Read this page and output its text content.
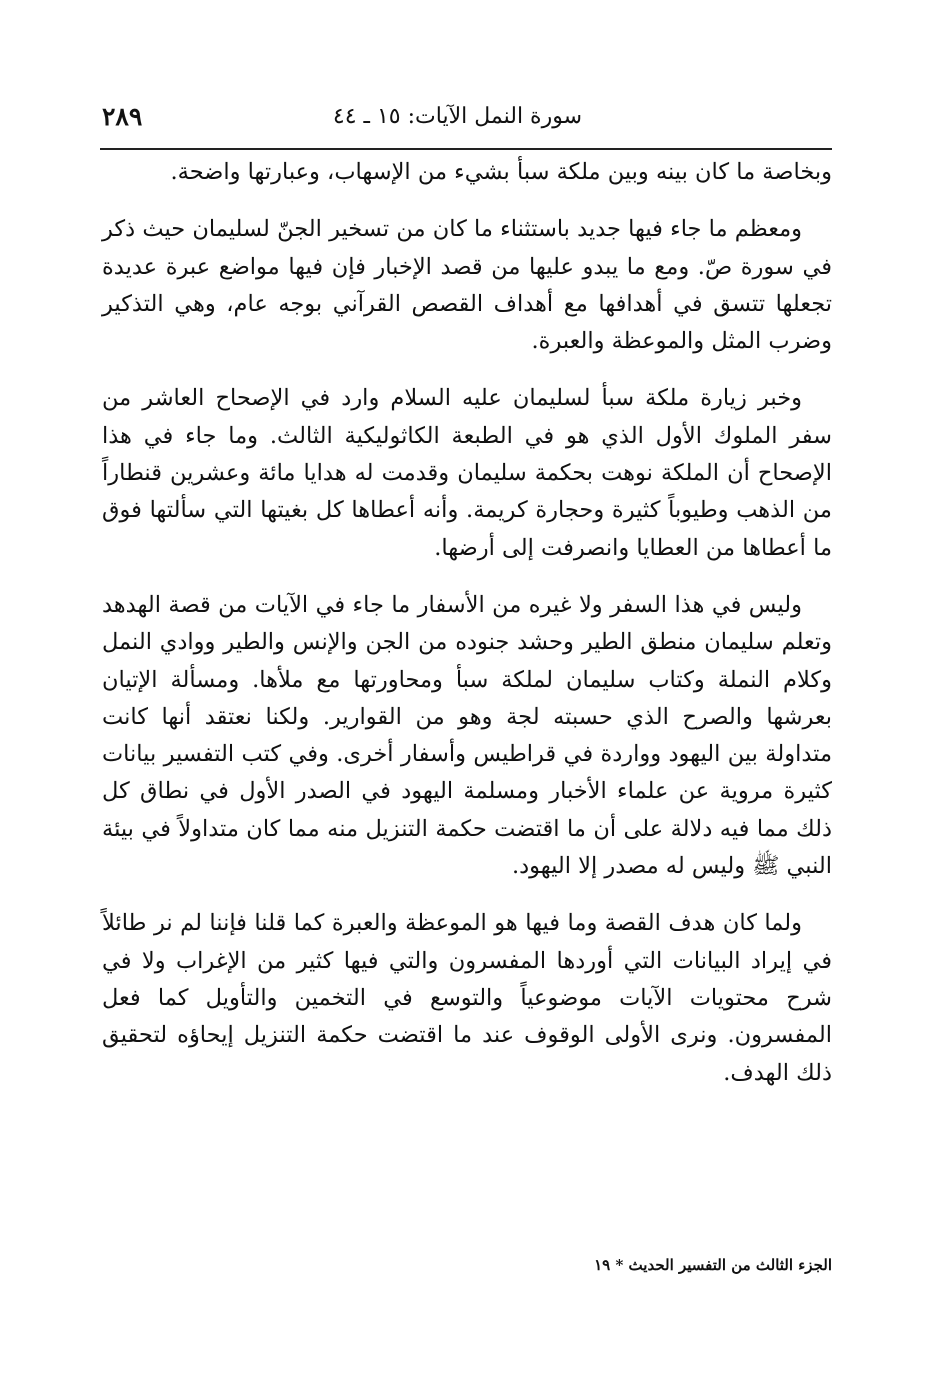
سورة النمل الآيات: ١٥ ـ ٤٤
٢٨٩

وبخاصة ما كان بينه وبين ملكة سبأ بشيء من الإسهاب، وعبارتها واضحة.

ومعظم ما جاء فيها جديد باستثناء ما كان من تسخير الجنّ لسليمان حيث ذكر في سورة صّ. ومع ما يبدو عليها من قصد الإخبار فإن فيها مواضع عبرة عديدة تجعلها تتسق في أهدافها مع أهداف القصص القرآني بوجه عام، وهي التذكير وضرب المثل والموعظة والعبرة.

وخبر زيارة ملكة سبأ لسليمان عليه السلام وارد في الإصحاح العاشر من سفر الملوك الأول الذي هو في الطبعة الكاثوليكية الثالث. وما جاء في هذا الإصحاح أن الملكة نوهت بحكمة سليمان وقدمت له هدايا مائة وعشرين قنطاراً من الذهب وطيوباً كثيرة وحجارة كريمة. وأنه أعطاها كل بغيتها التي سألتها فوق ما أعطاها من العطايا وانصرفت إلى أرضها.

وليس في هذا السفر ولا غيره من الأسفار ما جاء في الآيات من قصة الهدهد وتعلم سليمان منطق الطير وحشد جنوده من الجن والإنس والطير ووادي النمل وكلام النملة وكتاب سليمان لملكة سبأ ومحاورتها مع ملأها. ومسألة الإتيان بعرشها والصرح الذي حسبته لجة وهو من القوارير. ولكنا نعتقد أنها كانت متداولة بين اليهود وواردة في قراطيس وأسفار أخرى. وفي كتب التفسير بيانات كثيرة مروية عن علماء الأخبار ومسلمة اليهود في الصدر الأول في نطاق كل ذلك مما فيه دلالة على أن ما اقتضت حكمة التنزيل منه مما كان متداولاً في بيئة النبي ﷺ وليس له مصدر إلا اليهود.

ولما كان هدف القصة وما فيها هو الموعظة والعبرة كما قلنا فإننا لم نر طائلاً في إيراد البيانات التي أوردها المفسرون والتي فيها كثير من الإغراب ولا في شرح محتويات الآيات موضوعياً والتوسع في التخمين والتأويل كما فعل المفسرون. ونرى الأولى الوقوف عند ما اقتضت حكمة التنزيل إيحاؤه لتحقيق ذلك الهدف.

الجزء الثالث من التفسير الحديث * ١٩
